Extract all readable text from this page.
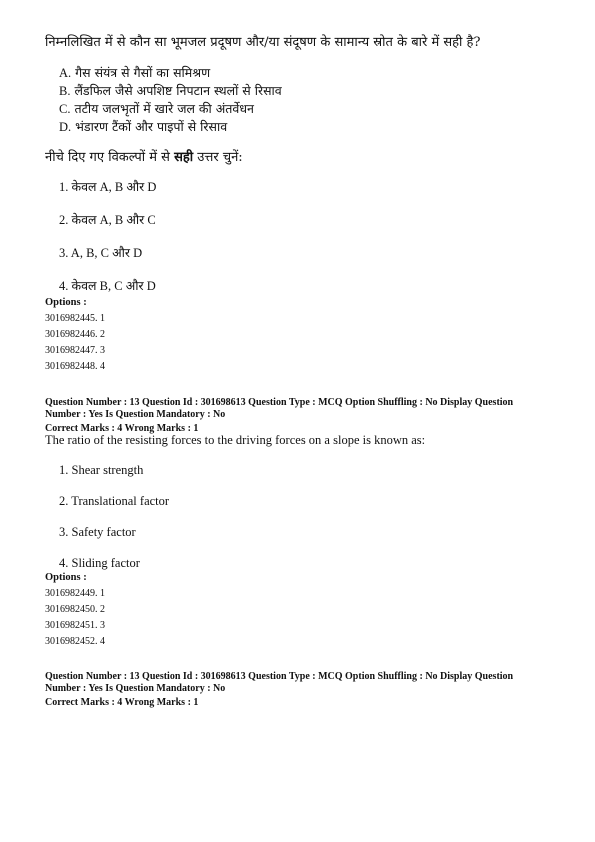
निम्नलिखित में से कौन सा भूमजल प्रदूषण और/या संदूषण के सामान्य स्रोत के बारे में सही है?
A. गैस संयंत्र से गैसों का समिश्रण
B. लैंडफिल जैसे अपशिष्ट निपटान स्थलों से रिसाव
C. तटीय जलभृतों में खारे जल की अंतर्वेधन
D. भंडारण टैंकों और पाइपों से रिसाव
नीचे दिए गए विकल्पों में से सही उत्तर चुनें:
1. केवल A, B और D
2. केवल A, B और C
3. A, B, C और D
4. केवल B, C और D
Options :
3016982445. 1
3016982446. 2
3016982447. 3
3016982448. 4
Question Number : 13 Question Id : 301698613 Question Type : MCQ Option Shuffling : No Display Question
Number : Yes Is Question Mandatory : No
Correct Marks : 4 Wrong Marks : 1
The ratio of the resisting forces to the driving forces on a slope is known as:
1. Shear strength
2. Translational factor
3. Safety factor
4. Sliding factor
Options :
3016982449. 1
3016982450. 2
3016982451. 3
3016982452. 4
Question Number : 13 Question Id : 301698613 Question Type : MCQ Option Shuffling : No Display Question
Number : Yes Is Question Mandatory : No
Correct Marks : 4 Wrong Marks : 1
